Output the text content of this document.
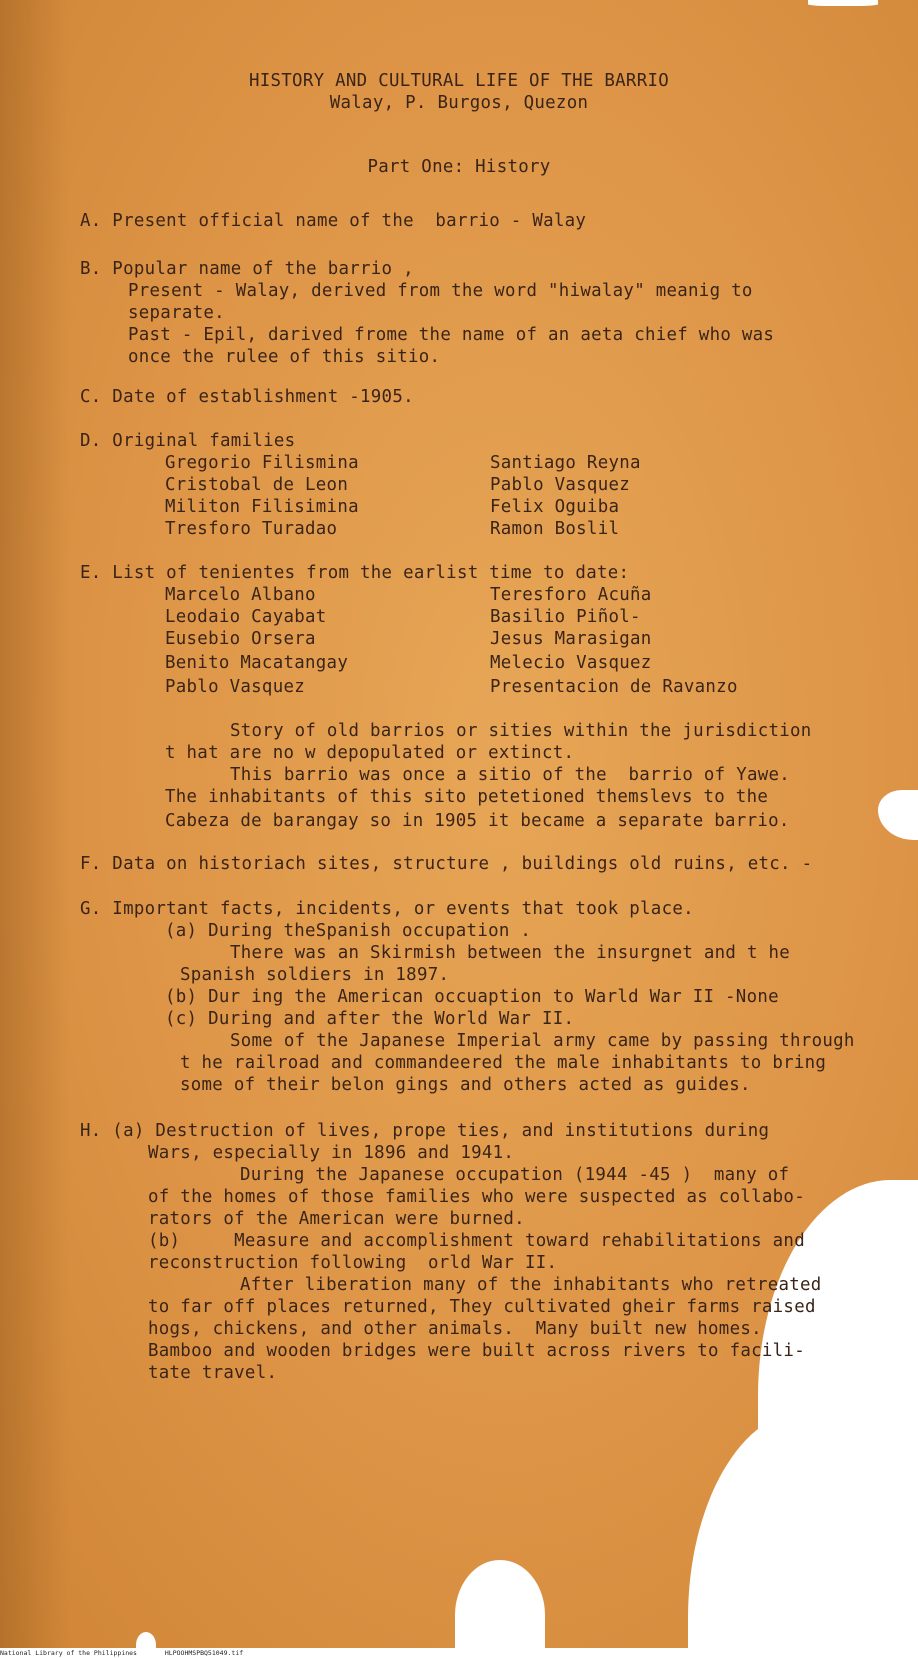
HISTORY AND CULTURAL LIFE OF THE BARRIO
Walay, P. Burgos, Quezon
Part One: History
A. Present official name of the  barrio - Walay
B. Popular name of the barrio ,
Present - Walay, derived from the word "hiwalay" meanig to
separate.
Past - Epil, darived frome the name of an aeta chief who was
once the rulee of this sitio.
C. Date of establishment -1905.
D. Original families
Gregorio Filismina
Cristobal de Leon
Militon Filisimina
Tresforo Turadao
Santiago Reyna
Pablo Vasquez
Felix Oguiba
Ramon Boslil
E. List of tenientes from the earlist time to date:
Marcelo Albano
Leodaio Cayabat
Eusebio Orsera
Benito Macatangay
Pablo Vasquez
Teresforo Acuña
Basilio Piñol-
Jesus Marasigan
Melecio Vasquez
Presentacion de Ravanzo
Story of old barrios or sities within the jurisdiction
t hat are no w depopulated or extinct.
This barrio was once a sitio of the  barrio of Yawe.
The inhabitants of this sito petetioned themslevs to the
Cabeza de barangay so in 1905 it became a separate barrio.
F. Data on historiach sites, structure , buildings old ruins, etc. -
G. Important facts, incidents, or events that took place.
(a) During theSpanish occupation .
There was an Skirmish between the insurgnet and t he
Spanish soldiers in 1897.
(b) Dur ing the American occuaption to Warld War II -None
(c) During and after the World War II.
Some of the Japanese Imperial army came by passing through
t he railroad and commandeered the male inhabitants to bring
some of their belon gings and others acted as guides.
H. (a) Destruction of lives, prope ties, and institutions during
Wars, especially in 1896 and 1941.
During the Japanese occupation (1944 -45 )  many of
of the homes of those families who were suspected as collabo-
rators of the American were burned.
(b)     Measure and accomplishment toward rehabilitations and
reconstruction following  orld War II.
After liberation many of the inhabitants who retreated
to far off places returned, They cultivated gheir farms raised
hogs, chickens, and other animals.  Many built new homes.
Bamboo and wooden bridges were built across rivers to facili-
tate travel.
National Library of the Philippines	HLPOOHMSPBQ51049.tif
